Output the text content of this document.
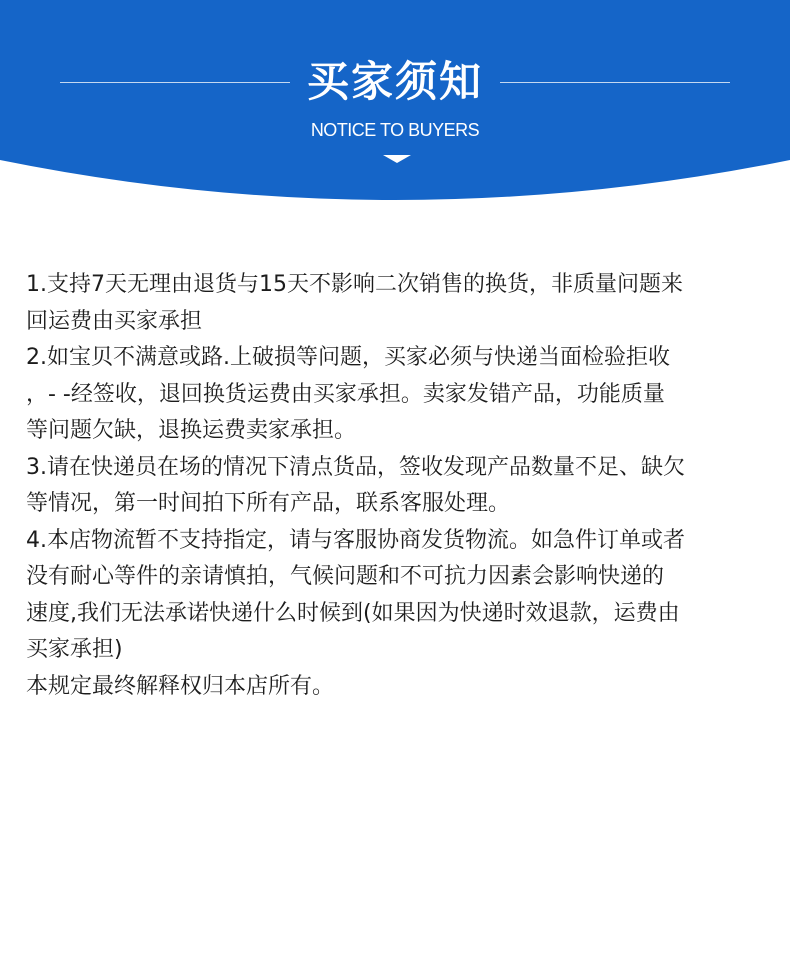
买家须知
NOTICE TO BUYERS

1.支持7天无理由退货与15天不影响二次销售的换货，非质量问题来

回运费由买家承担

2.如宝贝不满意或路.上破损等问题，买家必须与快递当面检验拒收

，- -经签收，退回换货运费由买家承担。卖家发错产品，功能质量

等问题欠缺，退换运费卖家承担。

3.请在快递员在场的情况下清点货品，签收发现产品数量不足、缺欠

等情况，第一时间拍下所有产品，联系客服处理。

4.本店物流暂不支持指定，请与客服协商发货物流。如急件订单或者

没有耐心等件的亲请慎拍，气候问题和不可抗力因素会影响快递的

速度,我们无法承诺快递什么时候到(如果因为快递时效退款，运费由

买家承担)

本规定最终解释权归本店所有。
